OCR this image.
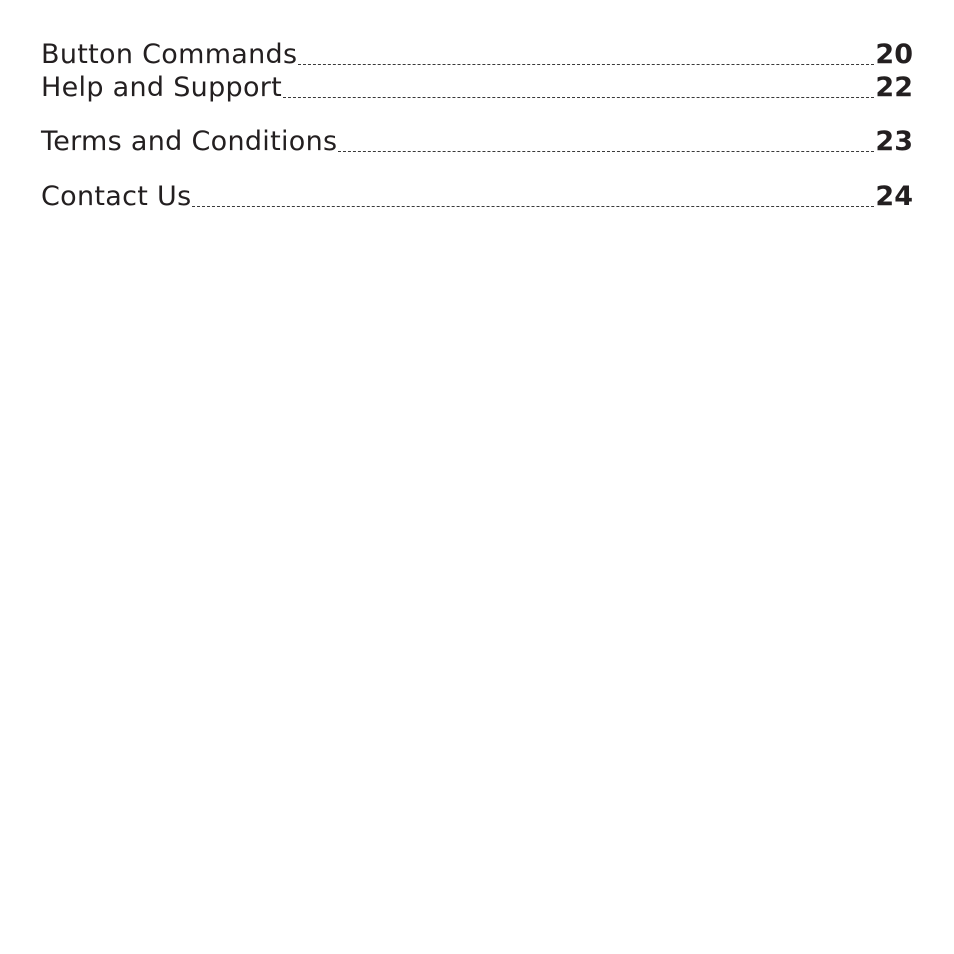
Button Commands	20
Help and Support	22
Terms and Conditions	23
Contact Us	24
